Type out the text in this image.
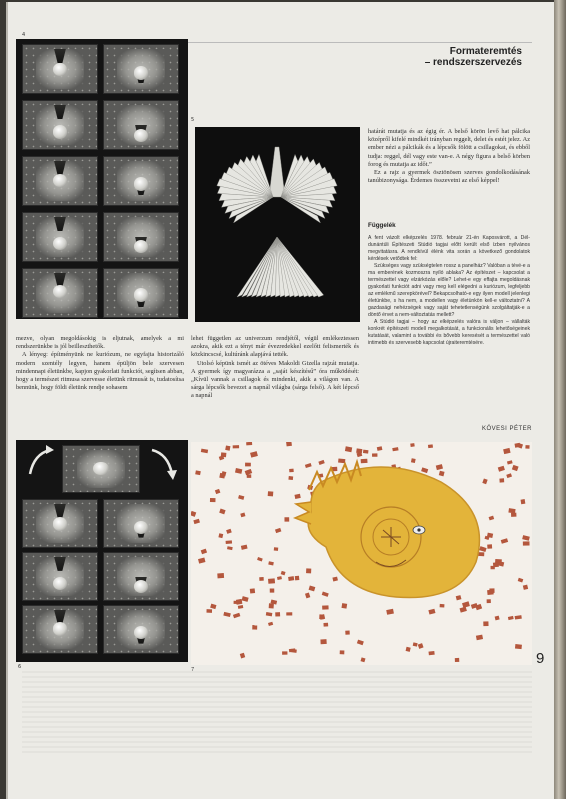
Formateremtés
– rendszerszervezés
4
5

határát mutatja és az égig ér. A belső körön levő hat pálcika középről kifelé mindkét irányban reggelt, delet és estét jelez. Az ember nézi a pálcikák és a lépcsők fölött a csillagokat, és ebből tudja: reggel, dél vagy este van-e. A négy figura a belső körben forog és mutatja az időt.”

Ez a rajz a gyermek ösztönösen szerves gondolkodásának tanúbizonysága. Érdemes összevetni az első képpel!

Függelék

A fent vázolt elképzelés 1978. február 21-én Kaposvárott, a Dél-dunántúli Építészeti Stúdió tagjai előtt került első ízben nyilvános megvitatásra. A rendkívül élénk vita során a következő gondolatok kérdések vetődtek fel:

Szükséges vagy szükségtelen rossz a panelház? Valóban a tévé-e a ma emberének kozmoszra nyíló ablaka? Az építészet – kapcsolat a természettel vagy elzárkózás előle? Lehet-e egy effajta megoldásnak gyakorlati funkciót adni vagy meg kell elégedni a kuriózum, legfeljebb az emlékmű szerepkörével? Bekapcsolható-e egy ilyen modell jelenlegi életünkbe, s ha nem, a modellen vagy életünkön kell-e változtatni? A gazdasági nehézségek vagy saját tehetetlenségünk szolgáltatják-e a döntő érvet a nem-változtatás mellett?

A Stúdió tagjai – hogy az elképzelés valóra is váljon – vállalták konkrét építészeti modell megalkotását, a funkcionális lehetőségeinek kutatását, valamint a további és bővebb keresését a természettel való intimebb és szervesebb kapcsolat újraiteremtésére.

KÖVESI PÉTER

mezve, olyan megoldásokig is eljutnak, amelyek a mi rendszerünkbe is jól beilleszthetők.

A lényeg: építményünk ne kuriózum, ne egyfajta historizáló modern szentély legyen, hanem épüljön bele szervesen mindennapi életünkbe, kapjon gyakorlati funkciót, segítsen abban, hogy a természet ritmusa szervesse életünk ritmusát is, tudatosítsa bennünk, hogy földi életünk rendje sohasem

lehet független az univerzum rendjétől, végül emlékeztessen azokra, akik ezt a tényt már évezredekkel ezelőtt felismerték és közkincscsé, kultúránk alapjává tették.

Utolsó képünk ismét az ötéves Makoldi Gizella rajzát mutatja. A gyermek így magyarázza a „saját készítésű” óra működését: „Kívül vannak a csillagok és mindenki, akik a világon van. A sárga lépcsők bevezet a napnál világba (sárga felső). A két lépcső a napnál

6	7
9
